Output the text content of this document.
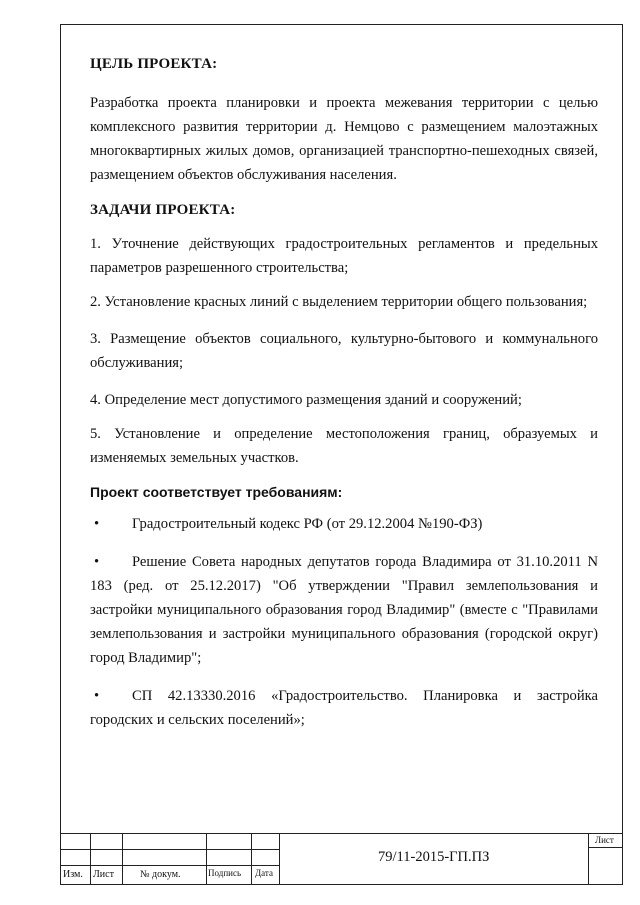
ЦЕЛЬ ПРОЕКТА:

Разработка проекта планировки и проекта межевания территории с целью комплексного развития территории д. Немцово с размещением малоэтажных многоквартирных жилых домов, организацией транспортно-пешеходных связей, размещением объектов обслуживания населения.

ЗАДАЧИ ПРОЕКТА:

1. Уточнение действующих градостроительных регламентов и предельных параметров разрешенного строительства;

2. Установление красных линий с выделением территории общего пользования;

3. Размещение объектов социального, культурно-бытового и коммунального обслуживания;

4. Определение мест допустимого размещения зданий и сооружений;

5. Установление и определение местоположения границ, образуемых и изменяемых земельных участков.

Проект соответствует требованиям:

• Градостроительный кодекс РФ (от 29.12.2004 №190-ФЗ)
• Решение Совета народных депутатов города Владимира от 31.10.2011 N 183 (ред. от 25.12.2017) "Об утверждении "Правил землепользования и застройки муниципального образования город Владимир" (вместе с "Правилами землепользования и застройки муниципального образования (городской округ) город Владимир";
• СП 42.13330.2016 «Градостроительство. Планировка и застройка городских и сельских поселений»;
Изм. Лист	№ докум.	Подпись Дата
Лист
79/11-2015-ГП.ПЗ
